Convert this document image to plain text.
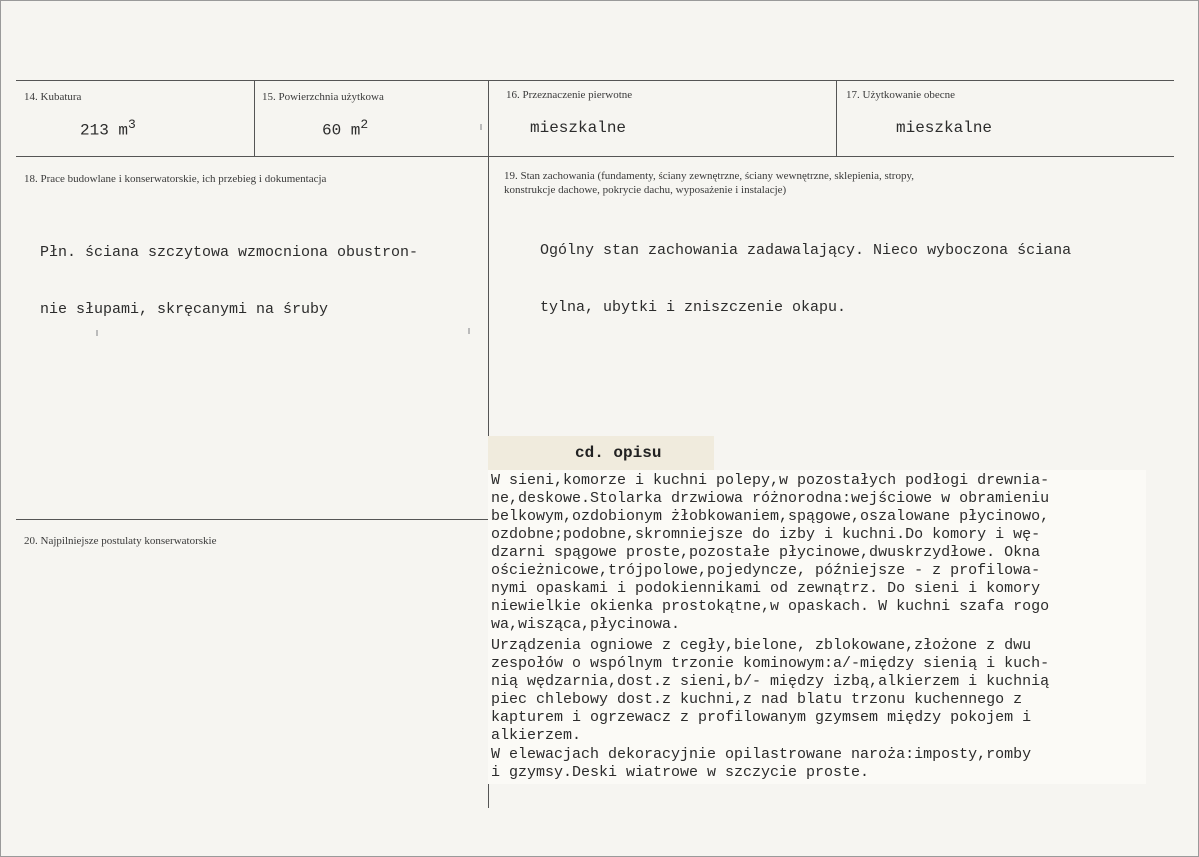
14. Kubatura
213 $m^3$
15. Powierzchnia użytkowa
60 $m^2$
16. Przeznaczenie pierwotne
mieszkalne
17. Użytkowanie obecne
mieszkalne
18. Prace budowlane i konserwatorskie, ich przebieg i dokumentacja

Płn. ściana szczytowa wzmocniona obustron-

nie słupami, skręcanymi na śruby

19. Stan zachowania (fundamenty, ściany zewnętrzne, ściany wewnętrzne, sklepienia, stropy,
konstrukcje dachowe, pokrycie dachu, wyposażenie i instalacje)

Ogólny stan zachowania zadawalający. Nieco wyboczona ściana

tylna, ubytki i zniszczenie okapu.

20. Najpilniejsze postulaty konserwatorskie
cd. opisu
W sieni,komorze i kuchni polepy,w pozostałych podłogi drewnia-
ne,deskowe.Stolarka drzwiowa różnorodna:wejściowe w obramieniu
belkowym,ozdobionym żłobkowaniem,spągowe,oszalowane płycinowo,
ozdobne;podobne,skromniejsze do izby i kuchni.Do komory i wę-
dzarni spągowe proste,pozostałe płycinowe,dwuskrzydłowe. Okna
ościeżnicowe,trójpolowe,pojedyncze, późniejsze - z profilowa-
nymi opaskami i podokiennikami od zewnątrz. Do sieni i komory
niewielkie okienka prostokątne,w opaskach. W kuchni szafa rogo
wa,wisząca,płycinowa.
Urządzenia ogniowe z cegły,bielone, zblokowane,złożone z dwu
zespołów o wspólnym trzonie kominowym:a/-między sienią i kuch-
nią wędzarnia,dost.z sieni,b/- między izbą,alkierzem i kuchnią
piec chlebowy dost.z kuchni,z nad blatu trzonu kuchennego z
kapturem i ogrzewacz z profilowanym gzymsem między pokojem i
alkierzem.
W elewacjach dekoracyjnie opilastrowane naroża:imposty,romby
i gzymsy.Deski wiatrowe w szczycie proste.
